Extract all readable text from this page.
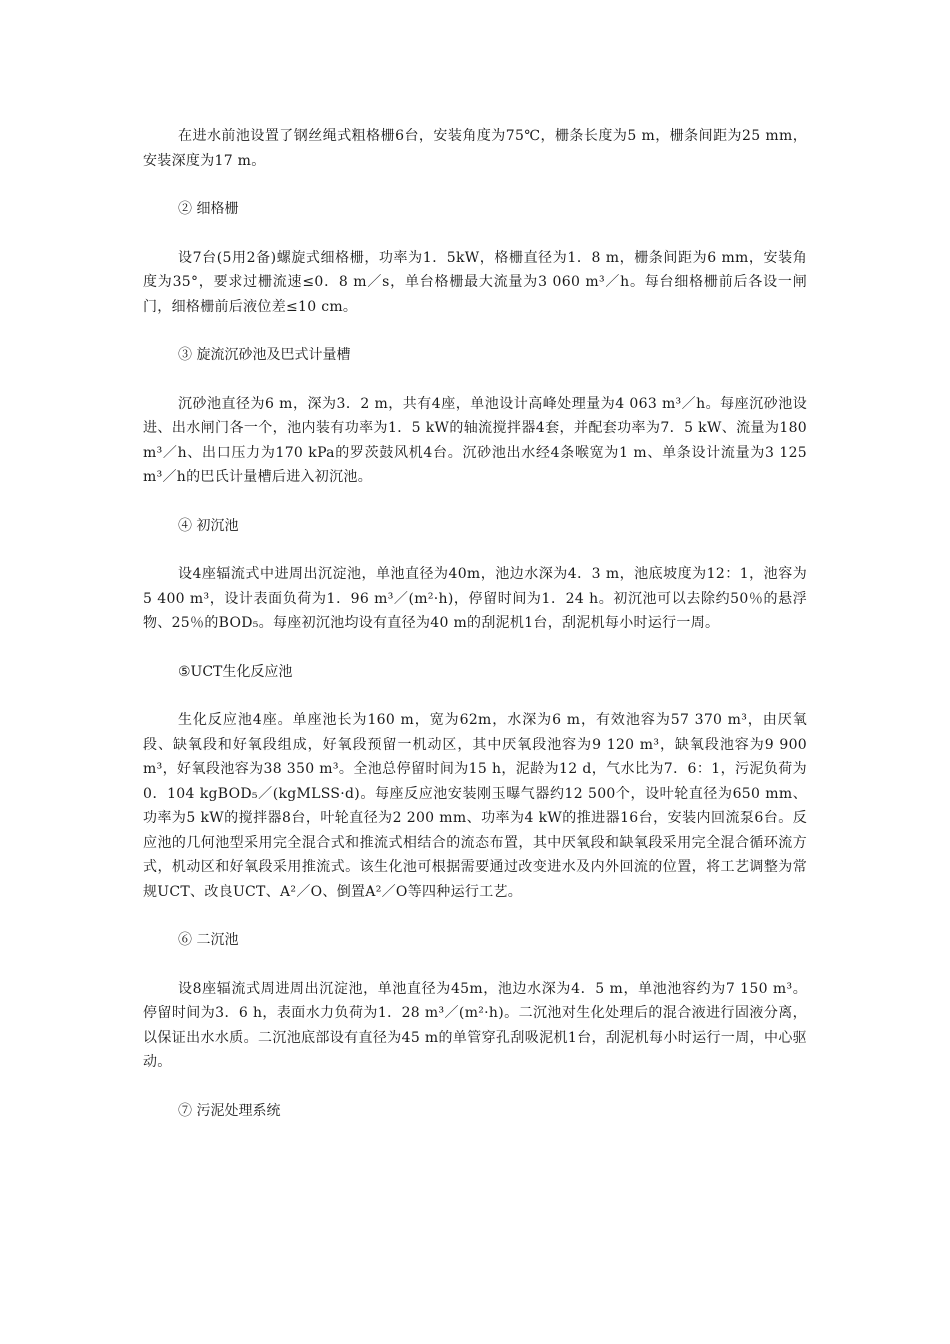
在进水前池设置了钢丝绳式粗格栅6台，安装角度为75℃，栅条长度为5 m，栅条间距为25 mm，安装深度为17 m。

② 细格栅

设7台(5用2备)螺旋式细格栅，功率为1．5kW，格栅直径为1．8 m，栅条间距为6 mm，安装角度为35°，要求过栅流速≤0．8 m／s，单台格栅最大流量为3 060 m³／h。每台细格栅前后各设一闸门，细格栅前后液位差≤10 cm。

③ 旋流沉砂池及巴式计量槽

沉砂池直径为6 m，深为3．2 m，共有4座，单池设计高峰处理量为4 063 m³／h。每座沉砂池设进、出水闸门各一个，池内装有功率为1．5 kW的轴流搅拌器4套，并配套功率为7．5 kW、流量为180 m³／h、出口压力为170 kPa的罗茨鼓风机4台。沉砂池出水经4条喉宽为1 m、单条设计流量为3 125 m³／h的巴氏计量槽后进入初沉池。

④ 初沉池

设4座辐流式中进周出沉淀池，单池直径为40m，池边水深为4．3 m，池底坡度为12：1，池容为5 400 m³，设计表面负荷为1．96 m³／(m²·h)，停留时间为1．24 h。初沉池可以去除约50％的悬浮物、25％的BOD₅。每座初沉池均设有直径为40 m的刮泥机1台，刮泥机每小时运行一周。

⑤UCT生化反应池

生化反应池4座。单座池长为160 m，宽为62m，水深为6 m，有效池容为57 370 m³，由厌氧段、缺氧段和好氧段组成，好氧段预留一机动区，其中厌氧段池容为9 120 m³，缺氧段池容为9 900 m³，好氧段池容为38 350 m³。全池总停留时间为15 h，泥龄为12 d，气水比为7．6：1，污泥负荷为0．104 kgBOD₅／(kgMLSS·d)。每座反应池安装刚玉曝气器约12 500个，设叶轮直径为650 mm、功率为5 kW的搅拌器8台，叶轮直径为2 200 mm、功率为4 kW的推进器16台，安装内回流泵6台。反应池的几何池型采用完全混合式和推流式相结合的流态布置，其中厌氧段和缺氧段采用完全混合循环流方式，机动区和好氧段采用推流式。该生化池可根据需要通过改变进水及内外回流的位置，将工艺调整为常规UCT、改良UCT、A²／O、倒置A²／O等四种运行工艺。

⑥ 二沉池

设8座辐流式周进周出沉淀池，单池直径为45m，池边水深为4．5 m，单池池容约为7 150 m³。停留时间为3．6 h，表面水力负荷为1．28 m³／(m²·h)。二沉池对生化处理后的混合液进行固液分离，以保证出水水质。二沉池底部设有直径为45 m的单管穿孔刮吸泥机1台，刮泥机每小时运行一周，中心驱动。

⑦ 污泥处理系统
